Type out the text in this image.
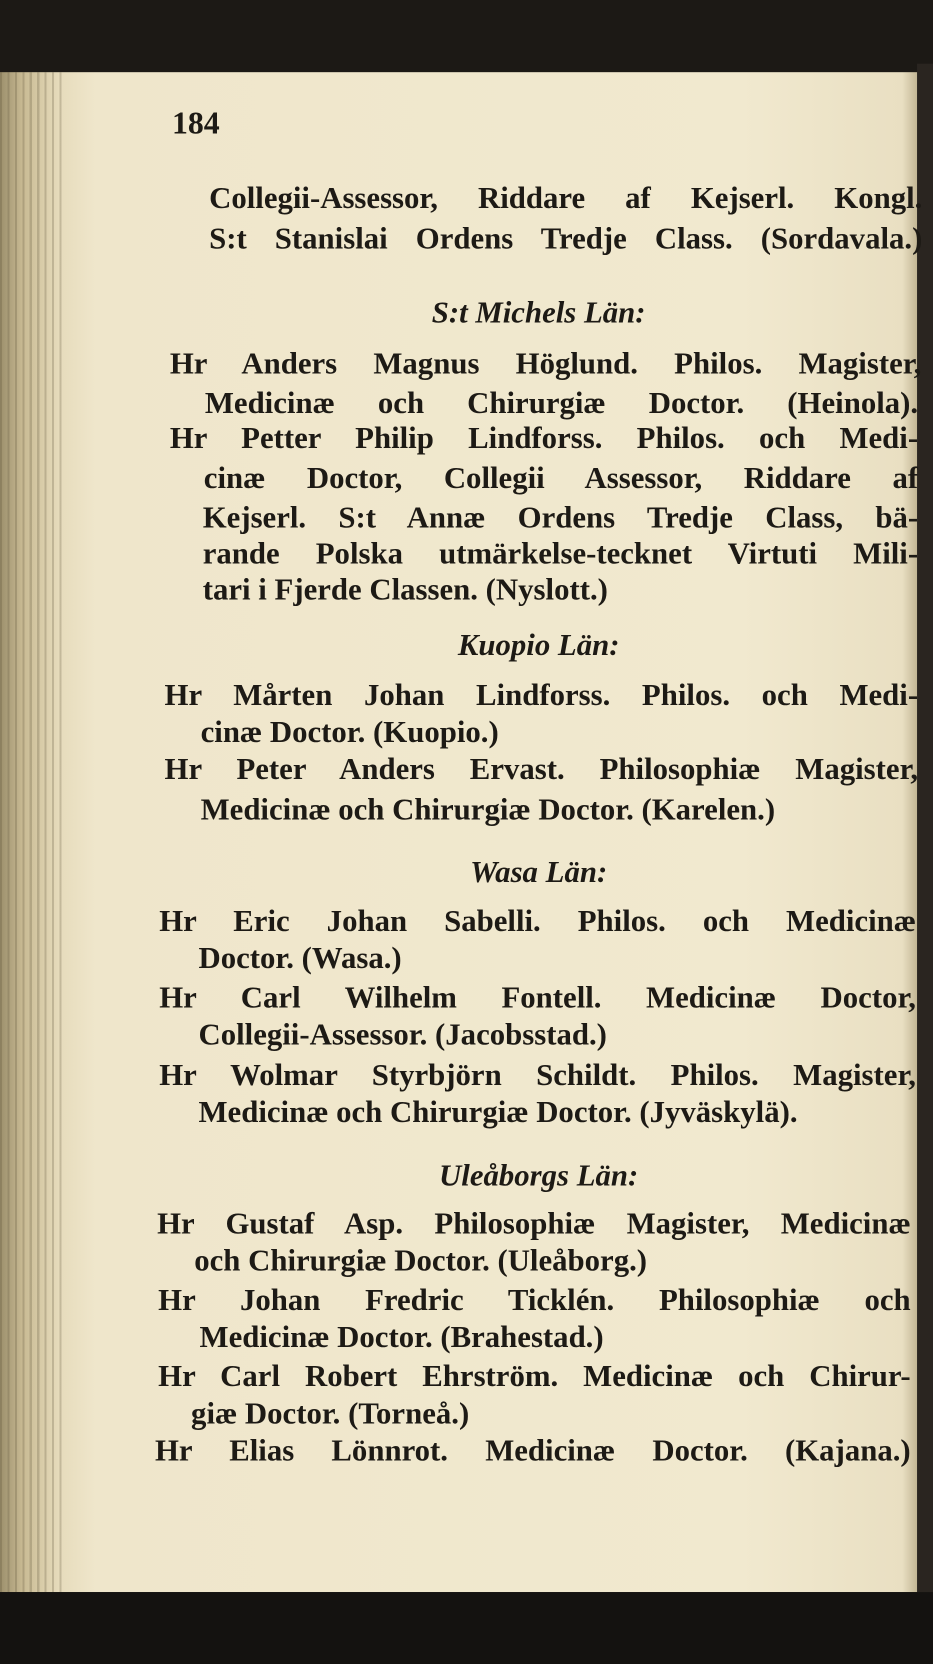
184
Collegii-Assessor, Riddare af Kejserl. Kongl.
S:t Stanislai Ordens Tredje Class. (Sordavala.)
S:t Michels Län:
Hr Anders Magnus Höglund. Philos. Magister,
Medicinæ och Chirurgiæ Doctor. (Heinola).
Hr Petter Philip Lindforss. Philos. och Medi-
cinæ Doctor, Collegii Assessor, Riddare af
Kejserl. S:t Annæ Ordens Tredje Class, bä-
rande Polska utmärkelse-tecknet Virtuti Mili-
tari i Fjerde Classen. (Nyslott.)
Kuopio Län:
Hr Mårten Johan Lindforss. Philos. och Medi-
cinæ Doctor. (Kuopio.)
Hr Peter Anders Ervast. Philosophiæ Magister,
Medicinæ och Chirurgiæ Doctor. (Karelen.)
Wasa Län:
Hr Eric Johan Sabelli. Philos. och Medicinæ
Doctor. (Wasa.)
Hr Carl Wilhelm Fontell. Medicinæ Doctor,
Collegii-Assessor. (Jacobsstad.)
Hr Wolmar Styrbjörn Schildt. Philos. Magister,
Medicinæ och Chirurgiæ Doctor. (Jyväskylä).
Uleåborgs Län:
Hr Gustaf Asp. Philosophiæ Magister, Medicinæ
och Chirurgiæ Doctor. (Uleåborg.)
Hr Johan Fredric Ticklén. Philosophiæ och
Medicinæ Doctor. (Brahestad.)
Hr Carl Robert Ehrström. Medicinæ och Chirur-
giæ Doctor. (Torneå.)
Hr Elias Lönnrot. Medicinæ Doctor. (Kajana.)
